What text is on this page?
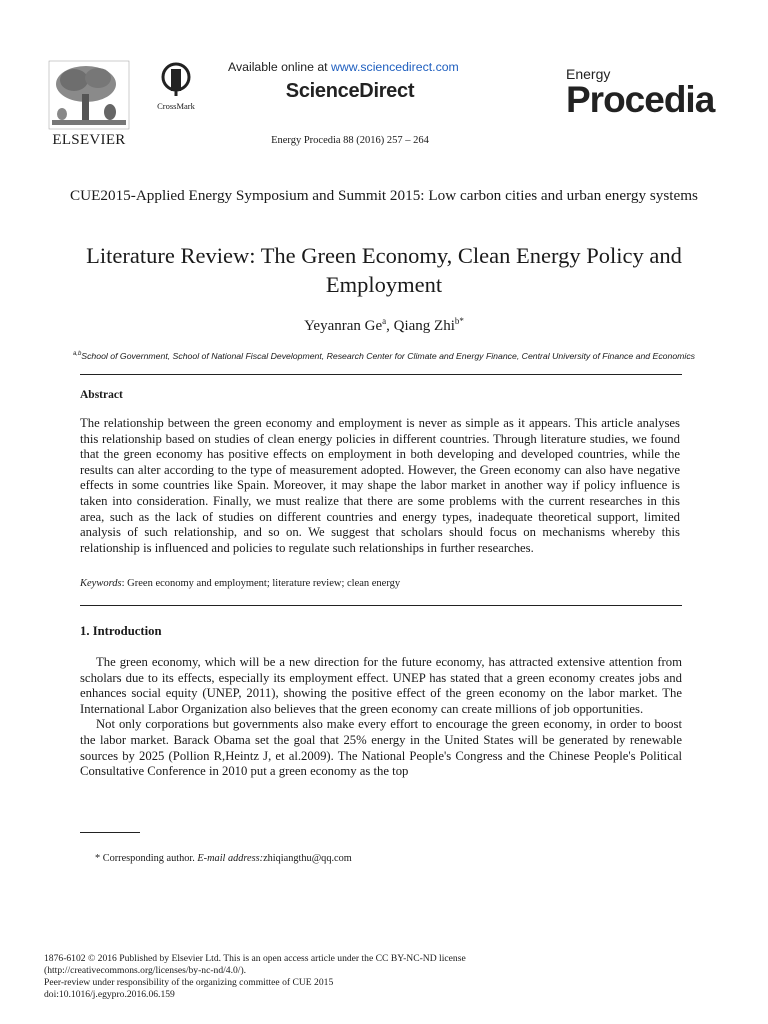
ELSEVIER
CrossMark
Available online at www.sciencedirect.com
ScienceDirect
Energy Procedia 88 (2016) 257 – 264
Energy
Procedia
CUE2015-Applied Energy Symposium and Summit 2015: Low carbon cities and urban energy systems
Literature Review: The Green Economy, Clean Energy Policy and Employment
Yeyanran Ge$^a$, Qiang Zhi$^{b*}$
$^{a,b}$School of Government, School of National Fiscal Development, Research Center for Climate and Energy Finance, Central University of Finance and Economics
Abstract
The relationship between the green economy and employment is never as simple as it appears. This article analyses this relationship based on studies of clean energy policies in different countries. Through literature studies, we found that the green economy has positive effects on employment in both developing and developed countries, while the results can alter according to the type of measurement adopted. However, the Green economy can also have negative effects in some countries like Spain. Moreover, it may shape the labor market in another way if policy influence is taken into consideration. Finally, we must realize that there are some problems with the current researches in this area, such as the lack of studies on different countries and energy types, inadequate theoretical support, limited analysis of such relationship, and so on. We suggest that scholars should focus on mechanisms whereby this relationship is influenced and policies to regulate such relationships in further researches.
Keywords: Green economy and employment; literature review; clean energy
1. Introduction

The green economy, which will be a new direction for the future economy, has attracted extensive attention from scholars due to its effects, especially its employment effect. UNEP has stated that a green economy creates jobs and enhances social equity (UNEP, 2011), showing the positive effect of the green economy on the labor market. The International Labor Organization also believes that the green economy can create millions of job opportunities.

Not only corporations but governments also make every effort to encourage the green economy, in order to boost the labor market. Barack Obama set the goal that 25% energy in the United States will be generated by renewable sources by 2025 (Pollion R,Heintz J, et al.2009). The National People's Congress and the Chinese People's Political Consultative Conference in 2010 put a green economy as the top

* Corresponding author. E-mail address:zhiqiangthu@qq.com
1876-6102 © 2016 Published by Elsevier Ltd. This is an open access article under the CC BY-NC-ND license
(http://creativecommons.org/licenses/by-nc-nd/4.0/).
Peer-review under responsibility of the organizing committee of CUE 2015
doi:10.1016/j.egypro.2016.06.159
